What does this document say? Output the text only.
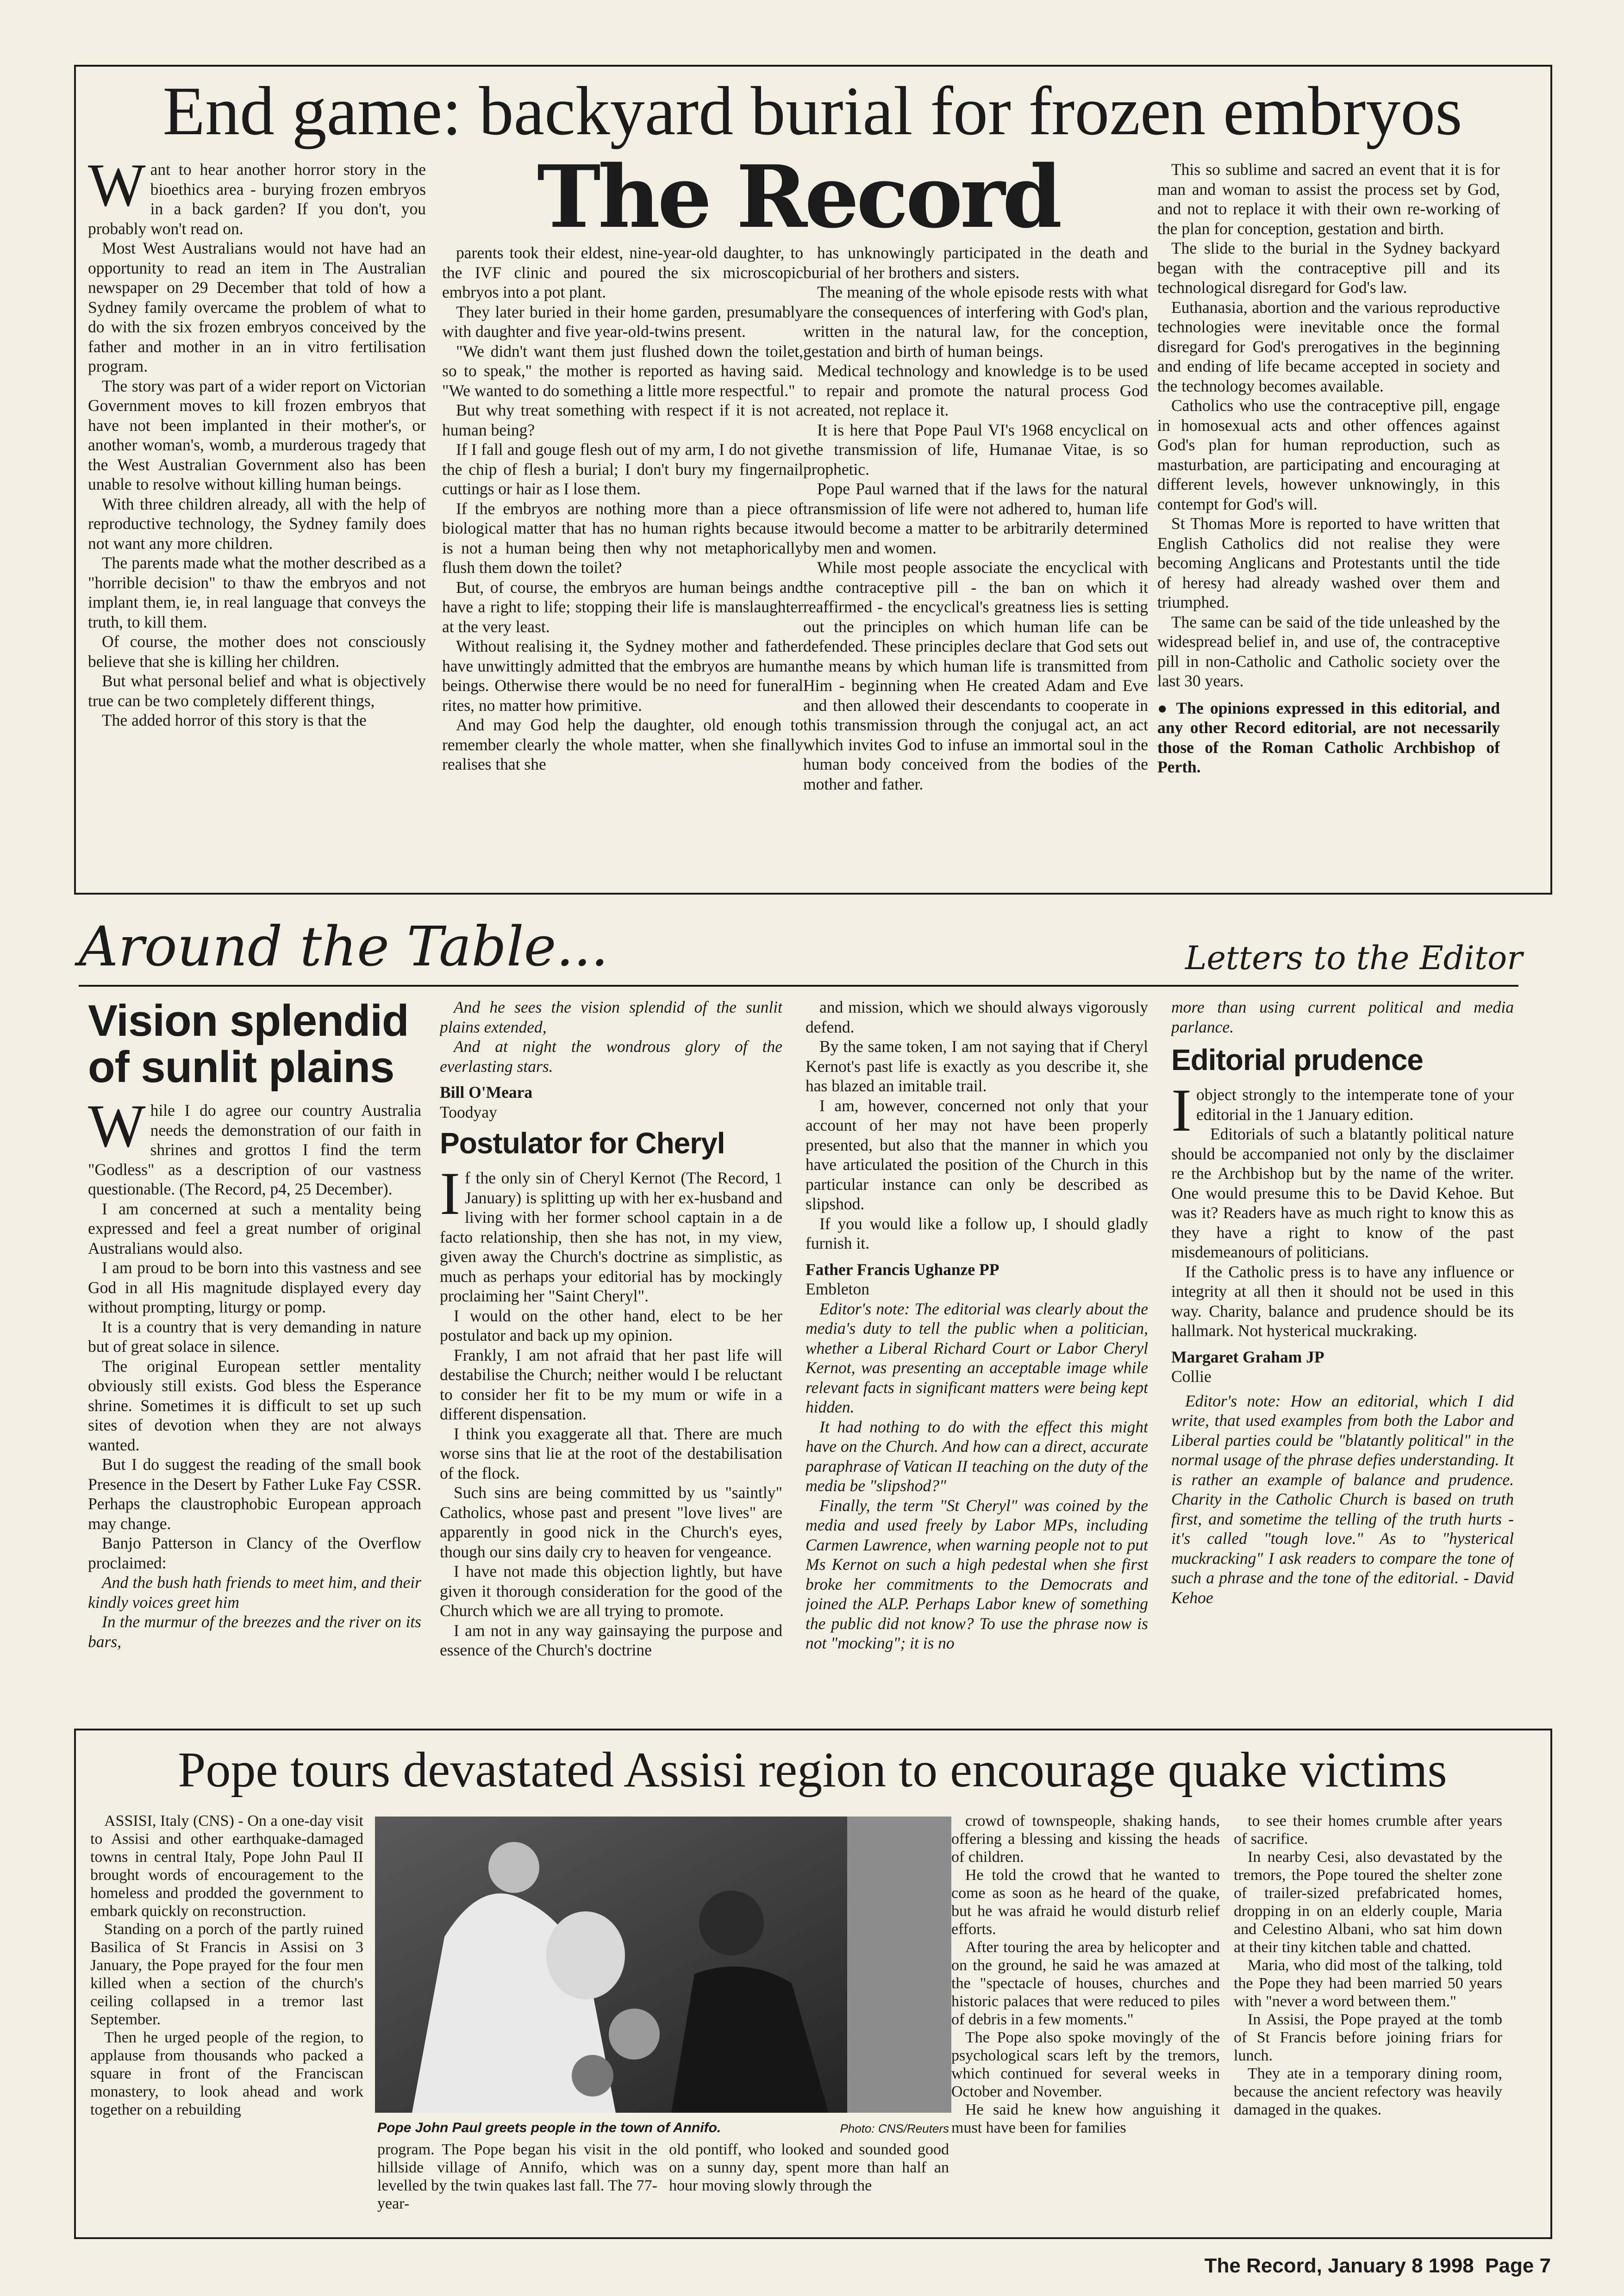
End game: backyard burial for frozen embryos
The Record

Want to hear another horror story in the bioethics area - burying frozen embryos in a back garden? If you don't, you probably won't read on.

Most West Australians would not have had an opportunity to read an item in The Australian newspaper on 29 December that told of how a Sydney family overcame the problem of what to do with the six frozen embryos conceived by the father and mother in an in vitro fertilisation program.

The story was part of a wider report on Victorian Government moves to kill frozen embryos that have not been implanted in their mother's, or another woman's, womb, a murderous tragedy that the West Australian Government also has been unable to resolve without killing human beings.

With three children already, all with the help of reproductive technology, the Sydney family does not want any more children.

The parents made what the mother described as a "horrible decision" to thaw the embryos and not implant them, ie, in real language that conveys the truth, to kill them.

Of course, the mother does not consciously believe that she is killing her children.

But what personal belief and what is objectively true can be two completely different things,

The added horror of this story is that the

parents took their eldest, nine-year-old daughter, to the IVF clinic and poured the six microscopic embryos into a pot plant.

They later buried in their home garden, presumably with daughter and five year-old-twins present.

"We didn't want them just flushed down the toilet, so to speak," the mother is reported as having said. "We wanted to do something a little more respectful."

But why treat something with respect if it is not a human being?

If I fall and gouge flesh out of my arm, I do not give the chip of flesh a burial; I don't bury my fingernail cuttings or hair as I lose them.

If the embryos are nothing more than a piece of biological matter that has no human rights because it is not a human being then why not metaphorically flush them down the toilet?

But, of course, the embryos are human beings and have a right to life; stopping their life is manslaughter at the very least.

Without realising it, the Sydney mother and father have unwittingly admitted that the embryos are human beings. Otherwise there would be no need for funeral rites, no matter how primitive.

And may God help the daughter, old enough to remember clearly the whole matter, when she finally realises that she

has unknowingly participated in the death and burial of her brothers and sisters.

The meaning of the whole episode rests with what are the consequences of interfering with God's plan, written in the natural law, for the conception, gestation and birth of human beings.

Medical technology and knowledge is to be used to repair and promote the natural process God created, not replace it.

It is here that Pope Paul VI's 1968 encyclical on the transmission of life, Humanae Vitae, is so prophetic.

Pope Paul warned that if the laws for the natural transmission of life were not adhered to, human life would become a matter to be arbitrarily determined by men and women.

While most people associate the encyclical with the contraceptive pill - the ban on which it reaffirmed - the encyclical's greatness lies is setting out the principles on which human life can be defended. These principles declare that God sets out the means by which human life is transmitted from Him - beginning when He created Adam and Eve and then allowed their descendants to cooperate in this transmission through the conjugal act, an act which invites God to infuse an immortal soul in the human body conceived from the bodies of the mother and father.

This so sublime and sacred an event that it is for man and woman to assist the process set by God, and not to replace it with their own re-working of the plan for conception, gestation and birth.

The slide to the burial in the Sydney backyard began with the contraceptive pill and its technological disregard for God's law.

Euthanasia, abortion and the various reproductive technologies were inevitable once the formal disregard for God's prerogatives in the beginning and ending of life became accepted in society and the technology becomes available.

Catholics who use the contraceptive pill, engage in homosexual acts and other offences against God's plan for human reproduction, such as masturbation, are participating and encouraging at different levels, however unknowingly, in this contempt for God's will.

St Thomas More is reported to have written that English Catholics did not realise they were becoming Anglicans and Protestants until the tide of heresy had already washed over them and triumphed.

The same can be said of the tide unleashed by the widespread belief in, and use of, the contraceptive pill in non-Catholic and Catholic society over the last 30 years.

● The opinions expressed in this editorial, and any other Record editorial, are not necessarily those of the Roman Catholic Archbishop of Perth.

Around the Table...	Letters to the Editor
Vision splendid of sunlit plains

While I do agree our country Australia needs the demonstration of our faith in shrines and grottos I find the term "Godless" as a description of our vastness questionable. (The Record, p4, 25 December).

I am concerned at such a mentality being expressed and feel a great number of original Australians would also.

I am proud to be born into this vastness and see God in all His magnitude displayed every day without prompting, liturgy or pomp.

It is a country that is very demanding in nature but of great solace in silence.

The original European settler mentality obviously still exists. God bless the Esperance shrine. Sometimes it is difficult to set up such sites of devotion when they are not always wanted.

But I do suggest the reading of the small book Presence in the Desert by Father Luke Fay CSSR. Perhaps the claustrophobic European approach may change.

Banjo Patterson in Clancy of the Overflow proclaimed:

And the bush hath friends to meet him, and their kindly voices greet him

In the murmur of the breezes and the river on its bars,

And he sees the vision splendid of the sunlit plains extended,

And at night the wondrous glory of the everlasting stars.

Bill O'Meara

Toodyay

Postulator for Cheryl

If the only sin of Cheryl Kernot (The Record, 1 January) is splitting up with her ex-husband and living with her former school captain in a de facto relationship, then she has not, in my view, given away the Church's doctrine as simplistic, as much as perhaps your editorial has by mockingly proclaiming her "Saint Cheryl".

I would on the other hand, elect to be her postulator and back up my opinion.

Frankly, I am not afraid that her past life will destabilise the Church; neither would I be reluctant to consider her fit to be my mum or wife in a different dispensation.

I think you exaggerate all that. There are much worse sins that lie at the root of the destabilisation of the flock.

Such sins are being committed by us "saintly" Catholics, whose past and present "love lives" are apparently in good nick in the Church's eyes, though our sins daily cry to heaven for vengeance.

I have not made this objection lightly, but have given it thorough consideration for the good of the Church which we are all trying to promote.

I am not in any way gainsaying the purpose and essence of the Church's doctrine

and mission, which we should always vigorously defend.

By the same token, I am not saying that if Cheryl Kernot's past life is exactly as you describe it, she has blazed an imitable trail.

I am, however, concerned not only that your account of her may not have been properly presented, but also that the manner in which you have articulated the position of the Church in this particular instance can only be described as slipshod.

If you would like a follow up, I should gladly furnish it.

Father Francis Ughanze PP

Embleton

Editor's note: The editorial was clearly about the media's duty to tell the public when a politician, whether a Liberal Richard Court or Labor Cheryl Kernot, was presenting an acceptable image while relevant facts in significant matters were being kept hidden.

It had nothing to do with the effect this might have on the Church. And how can a direct, accurate paraphrase of Vatican II teaching on the duty of the media be "slipshod?"

Finally, the term "St Cheryl" was coined by the media and used freely by Labor MPs, including Carmen Lawrence, when warning people not to put Ms Kernot on such a high pedestal when she first broke her commitments to the Democrats and joined the ALP. Perhaps Labor knew of something the public did not know? To use the phrase now is not "mocking"; it is no

more than using current political and media parlance.

Editorial prudence

Iobject strongly to the intemperate tone of your editorial in the 1 January edition.

Editorials of such a blatantly political nature should be accompanied not only by the disclaimer re the Archbishop but by the name of the writer. One would presume this to be David Kehoe. But was it? Readers have as much right to know this as they have a right to know of the past misdemeanours of politicians.

If the Catholic press is to have any influence or integrity at all then it should not be used in this way. Charity, balance and prudence should be its hallmark. Not hysterical muckraking.

Margaret Graham JP

Collie

Editor's note: How an editorial, which I did write, that used examples from both the Labor and Liberal parties could be "blatantly political" in the normal usage of the phrase defies understanding. It is rather an example of balance and prudence. Charity in the Catholic Church is based on truth first, and sometime the telling of the truth hurts - it's called "tough love." As to "hysterical muckracking" I ask readers to compare the tone of such a phrase and the tone of the editorial. - David Kehoe

Pope tours devastated Assisi region to encourage quake victims

ASSISI, Italy (CNS) - On a one-day visit to Assisi and other earthquake-damaged towns in central Italy, Pope John Paul II brought words of encouragement to the homeless and prodded the government to embark quickly on reconstruction.

Standing on a porch of the partly ruined Basilica of St Francis in Assisi on 3 January, the Pope prayed for the four men killed when a section of the church's ceiling collapsed in a tremor last September.

Then he urged people of the region, to applause from thousands who packed a square in front of the Franciscan monastery, to look ahead and work together on a rebuilding

Pope John Paul greets people in the town of Annifo.	Photo: CNS/Reuters

program. The Pope began his visit in the hillside village of Annifo, which was levelled by the twin quakes last fall. The 77-year-

old pontiff, who looked and sounded good on a sunny day, spent more than half an hour moving slowly through the

crowd of townspeople, shaking hands, offering a blessing and kissing the heads of children.

He told the crowd that he wanted to come as soon as he heard of the quake, but he was afraid he would disturb relief efforts.

After touring the area by helicopter and on the ground, he said he was amazed at the "spectacle of houses, churches and historic palaces that were reduced to piles of debris in a few moments."

The Pope also spoke movingly of the psychological scars left by the tremors, which continued for several weeks in October and November.

He said he knew how anguishing it must have been for families

to see their homes crumble after years of sacrifice.

In nearby Cesi, also devastated by the tremors, the Pope toured the shelter zone of trailer-sized prefabricated homes, dropping in on an elderly couple, Maria and Celestino Albani, who sat him down at their tiny kitchen table and chatted.

Maria, who did most of the talking, told the Pope they had been married 50 years with "never a word between them."

In Assisi, the Pope prayed at the tomb of St Francis before joining friars for lunch.

They ate in a temporary dining room, because the ancient refectory was heavily damaged in the quakes.

The Record, January 8 1998  Page 7
